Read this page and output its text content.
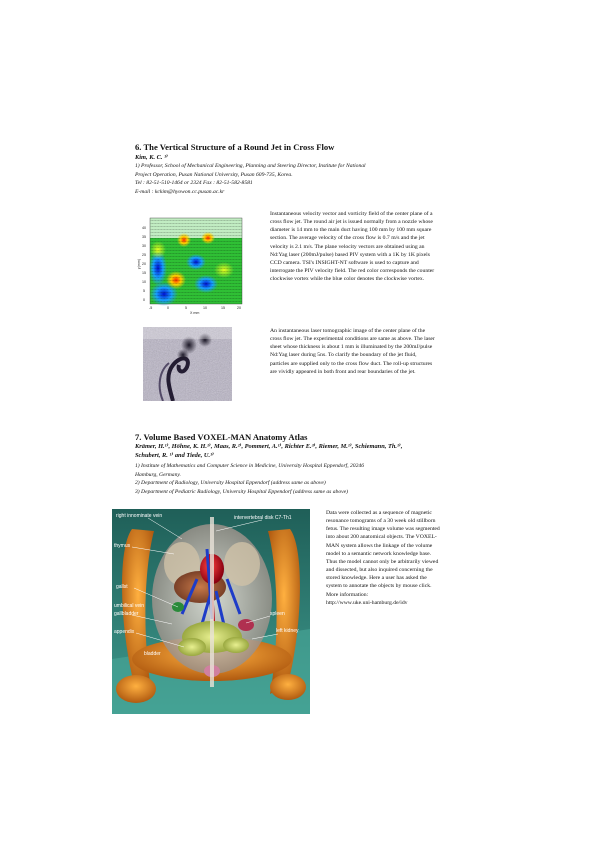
6. The Vertical Structure of a Round Jet in Cross Flow
Kim, K. C. ¹⁾
1) Professor, School of Mechanical Engineering, Planning and Steering Director, Institute for National
Project Operation, Pusan National University, Pusan 609-735, Korea.
Tel : 82-51-510-1464 or 2324 Fax : 82-51-582-8581
E-mail : kckim@hyowon.cc.pusan.ac.kr
40
35
30
25
20
15
10
5
0
y(mm)
-5	0	5	10	15	20
X mm
Instantaneous velocity vector and vorticity field of the center plane of a
cross flow jet. The round air jet is issued normally from a nozzle whose
diameter is 14 mm to the main duct having 100 mm by 100 mm square
section. The average velocity of the cross flow is 0.7 m/s and the jet
velocity is 2.1 m/s. The plane velocity vectors are obtained using an
Nd:Yag laser (200mJ/pulse) based PIV system with a 1K by 1K pixels
CCD camera. TSI's INSIGHT-NT software is used to capture and
interrogate the PIV velocity field. The red color corresponds the counter
clockwise vortex while the blue color denotes the clockwise vortex.
An instantaneous laser tomographic image of the center plane of the
cross flow jet. The experimental conditions are same as above. The laser
sheet whose thickness is about 1 mm is illuminated by the 200mJ/pulse
Nd:Yag laser during 5ns. To clarify the boundary of the jet fluid,
particles are supplied only to the cross flow duct. The roll-up structures
are vividly appeared in both front and rear boundaries of the jet.
7. Volume Based VOXEL-MAN Anatomy Atlas
Krämer, H.¹⁾, Höhne, K. H.¹⁾, Maas, R.²⁾, Pommert, A.¹⁾, Richter E.³⁾, Riemer, M.¹⁾, Schiemann, Th.¹⁾,
Schubert, R. ¹⁾ and Tiede, U.¹⁾
1) Institute of Mathematics and Computer Science in Medicine, University Hospital Eppendorf, 20246
Hamburg, Germany.
2) Department of Radiology, University Hospital Eppendorf (address same as above)
3) Department of Pediatric Radiology, University Hospital Eppendorf (address same as above)
right innominate vein	intervertebral disk C7-Th1
thymus
gallst
umbilical vein
gallbladder	spleen
left kidney
appendix
bladder
Data were collected as a sequence of magnetic
resonance tomograms of a 30 week old stillborn
fetus. The resulting image volume was segmented
into about 200 anatomical objects. The VOXEL-
MAN system allows the linkage of the volume
model to a semantic network knowledge base.
Thus the model cannot only be arbitrarily viewed
and dissected, but also inquired concerning the
stored knowledge. Here a user has asked the
system to annotate the objects by mouse click.
More information:
http://www.uke.uni-hamburg.de/idv
